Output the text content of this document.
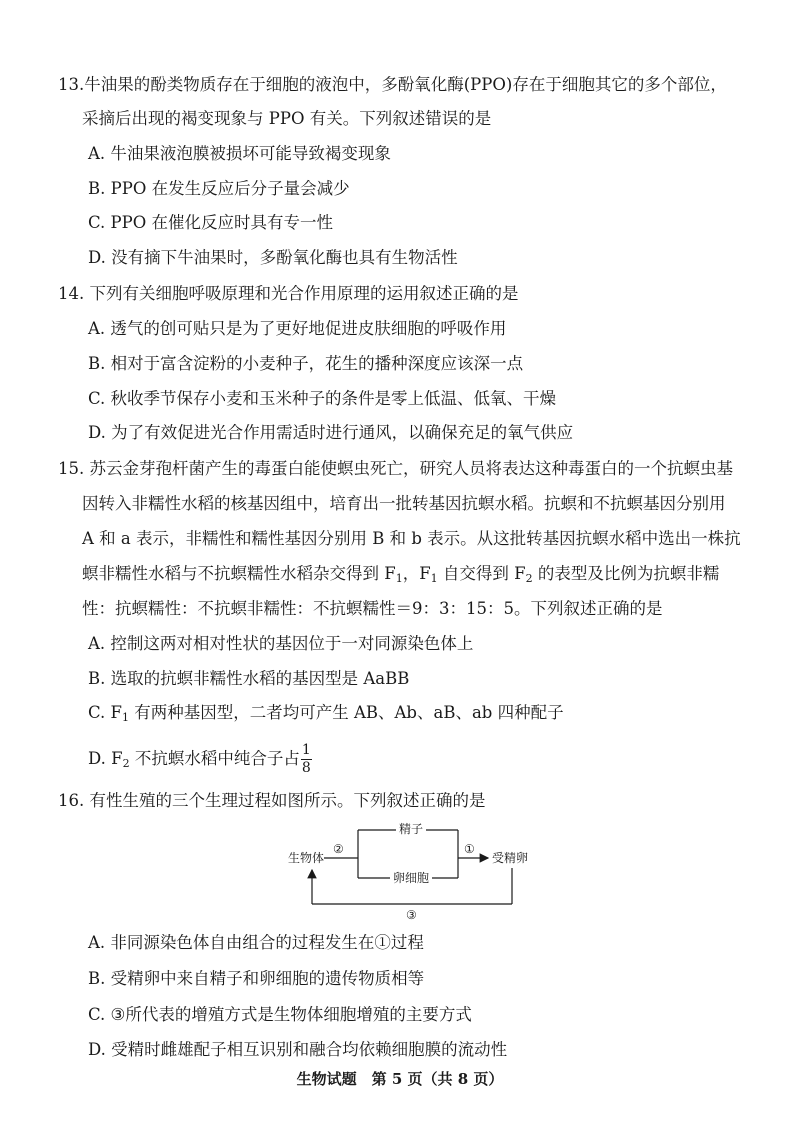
13.牛油果的酚类物质存在于细胞的液泡中，多酚氧化酶(PPO)存在于细胞其它的多个部位，
采摘后出现的褐变现象与 PPO 有关。下列叙述错误的是
A. 牛油果液泡膜被损坏可能导致褐变现象
B. PPO 在发生反应后分子量会减少
C. PPO 在催化反应时具有专一性
D. 没有摘下牛油果时，多酚氧化酶也具有生物活性
14. 下列有关细胞呼吸原理和光合作用原理的运用叙述正确的是
A. 透气的创可贴只是为了更好地促进皮肤细胞的呼吸作用
B. 相对于富含淀粉的小麦种子，花生的播种深度应该深一点
C. 秋收季节保存小麦和玉米种子的条件是零上低温、低氧、干燥
D. 为了有效促进光合作用需适时进行通风，以确保充足的氧气供应
15. 苏云金芽孢杆菌产生的毒蛋白能使螟虫死亡，研究人员将表达这种毒蛋白的一个抗螟虫基
因转入非糯性水稻的核基因组中，培育出一批转基因抗螟水稻。抗螟和不抗螟基因分别用
A 和 a 表示，非糯性和糯性基因分别用 B 和 b 表示。从这批转基因抗螟水稻中选出一株抗
螟非糯性水稻与不抗螟糯性水稻杂交得到 $F_1$，$F_1$ 自交得到 $F_2$ 的表型及比例为抗螟非糯
性：抗螟糯性：不抗螟非糯性：不抗螟糯性＝9：3：15：5。下列叙述正确的是
A. 控制这两对相对性状的基因位于一对同源染色体上
B. 选取的抗螟非糯性水稻的基因型是 AaBB
C. $F_1$ 有两种基因型，二者均可产生 AB、Ab、aB、ab 四种配子
D. $F_2$ 不抗螟水稻中纯合子占 $\frac{1}{8}$
16. 有性生殖的三个生理过程如图所示。下列叙述正确的是
生物体
②
精子
卵细胞
①
受精卵
③
A. 非同源染色体自由组合的过程发生在①过程
B. 受精卵中来自精子和卵细胞的遗传物质相等
C. ③所代表的增殖方式是生物体细胞增殖的主要方式
D. 受精时雌雄配子相互识别和融合均依赖细胞膜的流动性
生物试题　第 5 页（共 8 页）
